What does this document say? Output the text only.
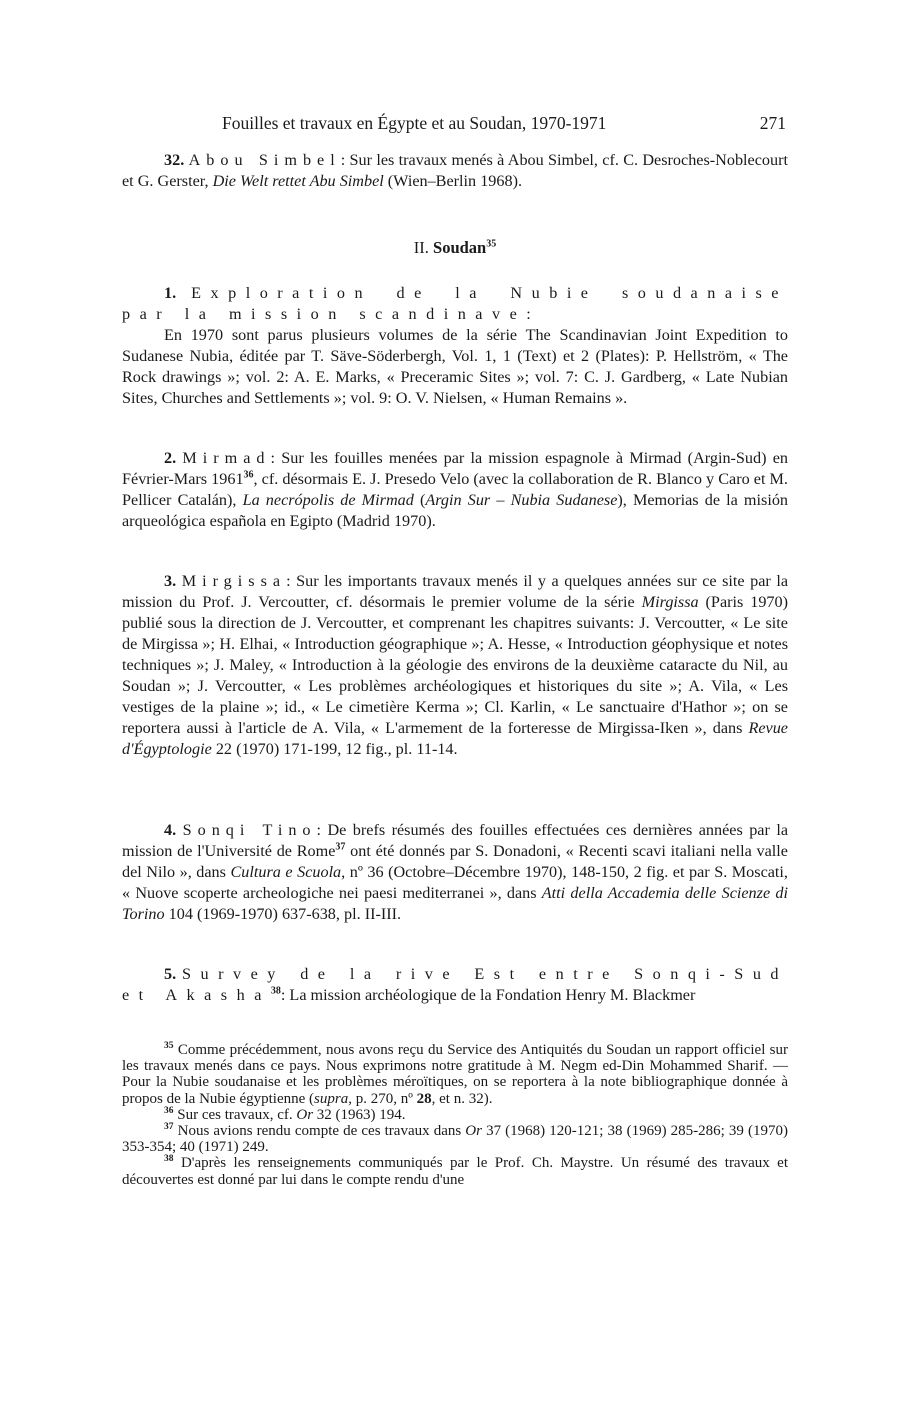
Fouilles et travaux en Égypte et au Soudan, 1970-1971	271

32. Abou Simbel: Sur les travaux menés à Abou Simbel, cf. C. Desroches-Noblecourt et G. Gerster, Die Welt rettet Abu Simbel (Wien–Berlin 1968).

II. Soudan$^{35}$

1. Exploration de la Nubie soudanaise par la mission scandinave:
En 1970 sont parus plusieurs volumes de la série The Scandinavian Joint Expedition to Sudanese Nubia, éditée par T. Säve-Söderbergh, Vol. 1, 1 (Text) et 2 (Plates): P. Hellström, « The Rock drawings »; vol. 2: A. E. Marks, « Preceramic Sites »; vol. 7: C. J. Gardberg, « Late Nubian Sites, Churches and Settlements »; vol. 9: O. V. Nielsen, « Human Remains ».

2. Mirmad: Sur les fouilles menées par la mission espagnole à Mirmad (Argin-Sud) en Février-Mars 1961$^{36}$, cf. désormais E. J. Presedo Velo (avec la collaboration de R. Blanco y Caro et M. Pellicer Catalán), La necrópolis de Mirmad (Argin Sur – Nubia Sudanese), Memorias de la misión arqueológica española en Egipto (Madrid 1970).

3. Mirgissa: Sur les importants travaux menés il y a quelques années sur ce site par la mission du Prof. J. Vercoutter, cf. désormais le premier volume de la série Mirgissa (Paris 1970) publié sous la direction de J. Vercoutter, et comprenant les chapitres suivants: J. Vercoutter, « Le site de Mirgissa »; H. Elhai, « Introduction géographique »; A. Hesse, « Introduction géophysique et notes techniques »; J. Maley, « Introduction à la géologie des environs de la deuxième cataracte du Nil, au Soudan »; J. Vercoutter, « Les problèmes archéologiques et historiques du site »; A. Vila, « Les vestiges de la plaine »; id., « Le cimetière Kerma »; Cl. Karlin, « Le sanctuaire d'Hathor »; on se reportera aussi à l'article de A. Vila, « L'armement de la forteresse de Mirgissa-Iken », dans Revue d'Égyptologie 22 (1970) 171-199, 12 fig., pl. 11-14.

4. Sonqi Tino: De brefs résumés des fouilles effectuées ces dernières années par la mission de l'Université de Rome$^{37}$ ont été donnés par S. Donadoni, « Recenti scavi italiani nella valle del Nilo », dans Cultura e Scuola, nº 36 (Octobre–Décembre 1970), 148-150, 2 fig. et par S. Moscati, « Nuove scoperte archeologiche nei paesi mediterranei », dans Atti della Accademia delle Scienze di Torino 104 (1969-1970) 637-638, pl. II-III.

5. Survey de la rive Est entre Sonqi-Sud et Akasha$^{38}$: La mission archéologique de la Fondation Henry M. Blackmer

$^{35}$ Comme précédemment, nous avons reçu du Service des Antiquités du Soudan un rapport officiel sur les travaux menés dans ce pays. Nous exprimons notre gratitude à M. Negm ed-Din Mohammed Sharif. — Pour la Nubie soudanaise et les problèmes méroïtiques, on se reportera à la note bibliographique donnée à propos de la Nubie égyptienne (supra, p. 270, nº 28, et n. 32).

$^{36}$ Sur ces travaux, cf. Or 32 (1963) 194.

$^{37}$ Nous avions rendu compte de ces travaux dans Or 37 (1968) 120-121; 38 (1969) 285-286; 39 (1970) 353-354; 40 (1971) 249.

$^{38}$ D'après les renseignements communiqués par le Prof. Ch. Maystre. Un résumé des travaux et découvertes est donné par lui dans le compte rendu d'une
